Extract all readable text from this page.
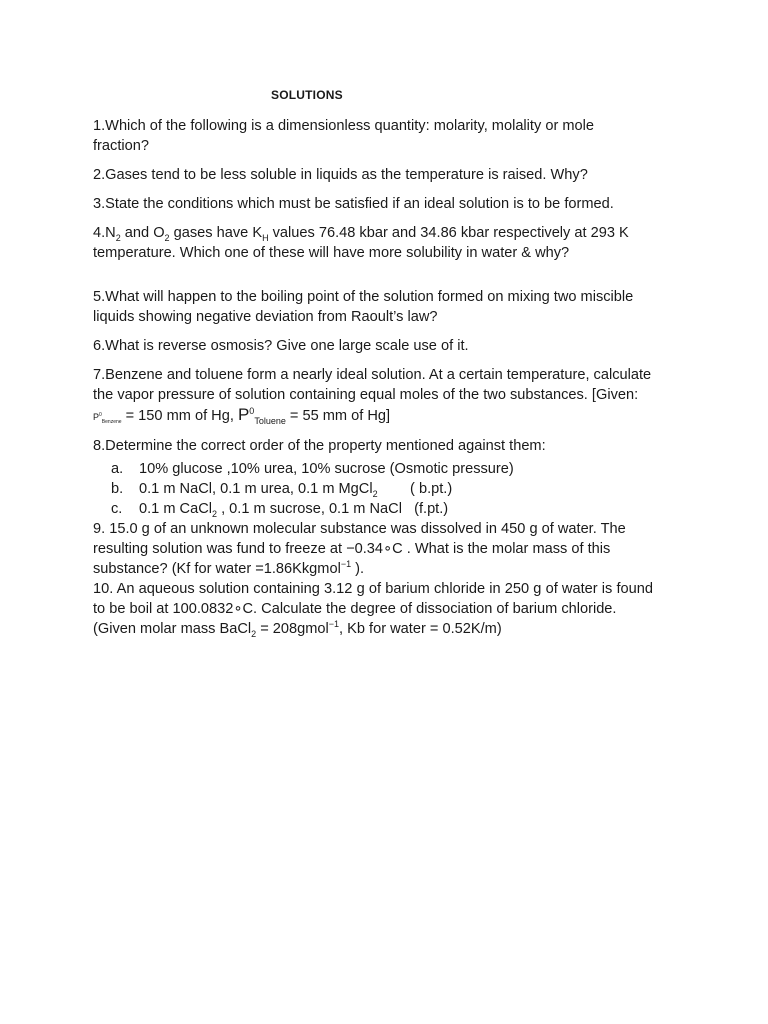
SOLUTIONS

1.Which of the following is a dimensionless quantity: molarity, molality or mole fraction?

2.Gases tend to be less soluble in liquids as the temperature is raised. Why?

3.State the conditions which must be satisfied if an ideal solution is to be formed.

$4.N_2$ and $O_2$ gases have $K_H$ values 76.48 kbar and 34.86 kbar respectively at 293 K temperature. Which one of these will have more solubility in water & why?

5.What will happen to the boiling point of the solution formed on mixing two miscible liquids showing negative deviation from Raoult’s law?

6.What is reverse osmosis? Give one large scale use of it.

7.Benzene and toluene form a nearly ideal solution. At a certain temperature, calculate the vapor pressure of solution containing equal moles of the two substances. [Given: $P^0_{Benzene} = 150$ mm of Hg, $P^0_{Toluene} = 55$ mm of Hg]

8.Determine the correct order of the property mentioned against them:
a. 10% glucose ,10% urea, 10% sucrose (Osmotic pressure)
b. 0.1 m NaCl, 0.1 m urea, 0.1 m MgCl$_2$        ( b.pt.)
c. 0.1 m CaCl$_2$ , 0.1 m sucrose, 0.1 m NaCl   (f.pt.)

9. 15.0 g of an unknown molecular substance was dissolved in 450 g of water. The resulting solution was fund to freeze at −0.34∘C . What is the molar mass of this substance? (Kf for water =1.86Kkgmol$^{-1}$ ).

10. An aqueous solution containing 3.12 g of barium chloride in 250 g of water is found to be boil at 100.0832∘C. Calculate the degree of dissociation of barium chloride.

(Given molar mass BaCl$_2$ = 208gmol$^{-1}$, Kb for water = 0.52K/m)
